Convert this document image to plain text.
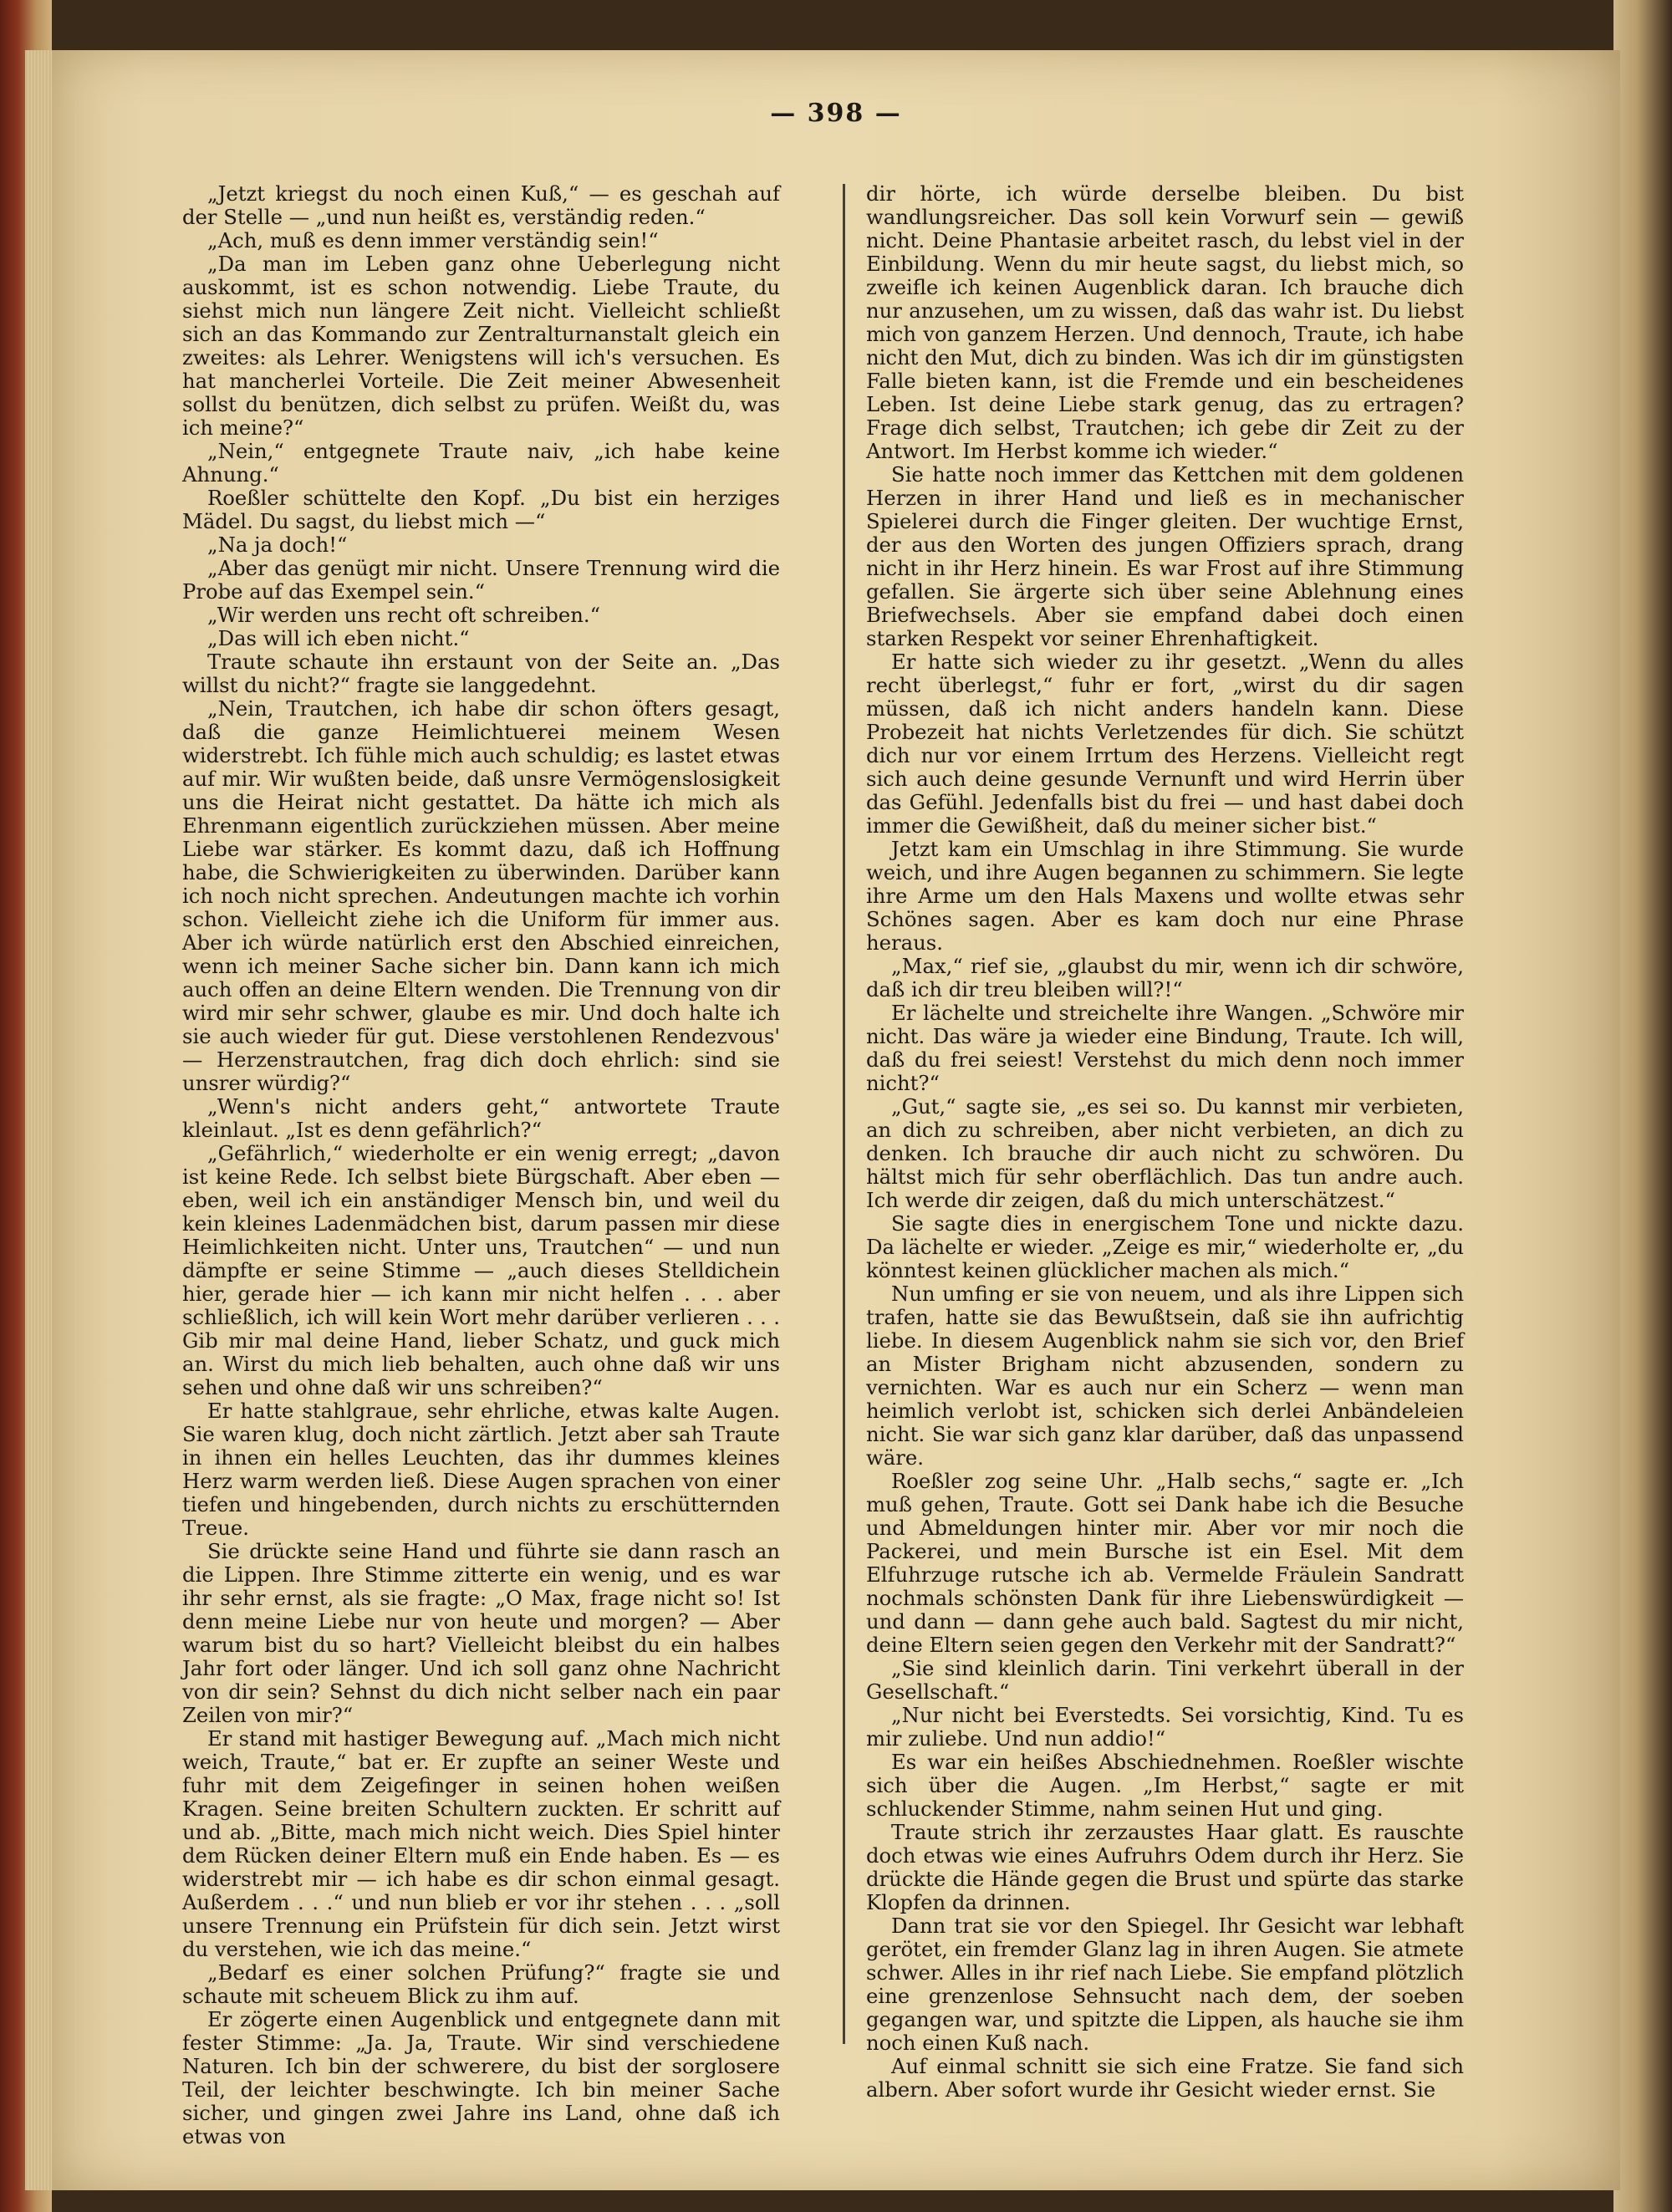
— 398 —

„Jetzt kriegst du noch einen Kuß,“ — es geschah auf der Stelle — „und nun heißt es, verständig reden.“

„Ach, muß es denn immer verständig sein!“

„Da man im Leben ganz ohne Ueberlegung nicht auskommt, ist es schon notwendig. Liebe Traute, du siehst mich nun längere Zeit nicht. Vielleicht schließt sich an das Kommando zur Zentralturnanstalt gleich ein zweites: als Lehrer. Wenigstens will ich's versuchen. Es hat mancherlei Vorteile. Die Zeit meiner Abwesenheit sollst du benützen, dich selbst zu prüfen. Weißt du, was ich meine?“

„Nein,“ entgegnete Traute naiv, „ich habe keine Ahnung.“

Roeßler schüttelte den Kopf. „Du bist ein herziges Mädel. Du sagst, du liebst mich —“

„Na ja doch!“

„Aber das genügt mir nicht. Unsere Trennung wird die Probe auf das Exempel sein.“

„Wir werden uns recht oft schreiben.“

„Das will ich eben nicht.“

Traute schaute ihn erstaunt von der Seite an. „Das willst du nicht?“ fragte sie langgedehnt.

„Nein, Trautchen, ich habe dir schon öfters gesagt, daß die ganze Heimlichtuerei meinem Wesen widerstrebt. Ich fühle mich auch schuldig; es lastet etwas auf mir. Wir wußten beide, daß unsre Vermögenslosigkeit uns die Heirat nicht gestattet. Da hätte ich mich als Ehrenmann eigentlich zurückziehen müssen. Aber meine Liebe war stärker. Es kommt dazu, daß ich Hoffnung habe, die Schwierigkeiten zu überwinden. Darüber kann ich noch nicht sprechen. Andeutungen machte ich vorhin schon. Vielleicht ziehe ich die Uniform für immer aus. Aber ich würde natürlich erst den Abschied einreichen, wenn ich meiner Sache sicher bin. Dann kann ich mich auch offen an deine Eltern wenden. Die Trennung von dir wird mir sehr schwer, glaube es mir. Und doch halte ich sie auch wieder für gut. Diese verstohlenen Rendezvous' — Herzenstrautchen, frag dich doch ehrlich: sind sie unsrer würdig?“

„Wenn's nicht anders geht,“ antwortete Traute kleinlaut. „Ist es denn gefährlich?“

„Gefährlich,“ wiederholte er ein wenig erregt; „davon ist keine Rede. Ich selbst biete Bürgschaft. Aber eben — eben, weil ich ein anständiger Mensch bin, und weil du kein kleines Ladenmädchen bist, darum passen mir diese Heimlichkeiten nicht. Unter uns, Trautchen“ — und nun dämpfte er seine Stimme — „auch dieses Stelldichein hier, gerade hier — ich kann mir nicht helfen . . . aber schließlich, ich will kein Wort mehr darüber verlieren . . . Gib mir mal deine Hand, lieber Schatz, und guck mich an. Wirst du mich lieb behalten, auch ohne daß wir uns sehen und ohne daß wir uns schreiben?“

Er hatte stahlgraue, sehr ehrliche, etwas kalte Augen. Sie waren klug, doch nicht zärtlich. Jetzt aber sah Traute in ihnen ein helles Leuchten, das ihr dummes kleines Herz warm werden ließ. Diese Augen sprachen von einer tiefen und hingebenden, durch nichts zu erschütternden Treue.

Sie drückte seine Hand und führte sie dann rasch an die Lippen. Ihre Stimme zitterte ein wenig, und es war ihr sehr ernst, als sie fragte: „O Max, frage nicht so! Ist denn meine Liebe nur von heute und morgen? — Aber warum bist du so hart? Vielleicht bleibst du ein halbes Jahr fort oder länger. Und ich soll ganz ohne Nachricht von dir sein? Sehnst du dich nicht selber nach ein paar Zeilen von mir?“

Er stand mit hastiger Bewegung auf. „Mach mich nicht weich, Traute,“ bat er. Er zupfte an seiner Weste und fuhr mit dem Zeigefinger in seinen hohen weißen Kragen. Seine breiten Schultern zuckten. Er schritt auf und ab. „Bitte, mach mich nicht weich. Dies Spiel hinter dem Rücken deiner Eltern muß ein Ende haben. Es — es widerstrebt mir — ich habe es dir schon einmal gesagt. Außerdem . . .“ und nun blieb er vor ihr stehen . . . „soll unsere Trennung ein Prüfstein für dich sein. Jetzt wirst du verstehen, wie ich das meine.“

„Bedarf es einer solchen Prüfung?“ fragte sie und schaute mit scheuem Blick zu ihm auf.

Er zögerte einen Augenblick und entgegnete dann mit fester Stimme: „Ja. Ja, Traute. Wir sind verschiedene Naturen. Ich bin der schwerere, du bist der sorglosere Teil, der leichter beschwingte. Ich bin meiner Sache sicher, und gingen zwei Jahre ins Land, ohne daß ich etwas von

dir hörte, ich würde derselbe bleiben. Du bist wandlungsreicher. Das soll kein Vorwurf sein — gewiß nicht. Deine Phantasie arbeitet rasch, du lebst viel in der Einbildung. Wenn du mir heute sagst, du liebst mich, so zweifle ich keinen Augenblick daran. Ich brauche dich nur anzusehen, um zu wissen, daß das wahr ist. Du liebst mich von ganzem Herzen. Und dennoch, Traute, ich habe nicht den Mut, dich zu binden. Was ich dir im günstigsten Falle bieten kann, ist die Fremde und ein bescheidenes Leben. Ist deine Liebe stark genug, das zu ertragen? Frage dich selbst, Trautchen; ich gebe dir Zeit zu der Antwort. Im Herbst komme ich wieder.“

Sie hatte noch immer das Kettchen mit dem goldenen Herzen in ihrer Hand und ließ es in mechanischer Spielerei durch die Finger gleiten. Der wuchtige Ernst, der aus den Worten des jungen Offiziers sprach, drang nicht in ihr Herz hinein. Es war Frost auf ihre Stimmung gefallen. Sie ärgerte sich über seine Ablehnung eines Briefwechsels. Aber sie empfand dabei doch einen starken Respekt vor seiner Ehrenhaftigkeit.

Er hatte sich wieder zu ihr gesetzt. „Wenn du alles recht überlegst,“ fuhr er fort, „wirst du dir sagen müssen, daß ich nicht anders handeln kann. Diese Probezeit hat nichts Verletzendes für dich. Sie schützt dich nur vor einem Irrtum des Herzens. Vielleicht regt sich auch deine gesunde Vernunft und wird Herrin über das Gefühl. Jedenfalls bist du frei — und hast dabei doch immer die Gewißheit, daß du meiner sicher bist.“

Jetzt kam ein Umschlag in ihre Stimmung. Sie wurde weich, und ihre Augen begannen zu schimmern. Sie legte ihre Arme um den Hals Maxens und wollte etwas sehr Schönes sagen. Aber es kam doch nur eine Phrase heraus.

„Max,“ rief sie, „glaubst du mir, wenn ich dir schwöre, daß ich dir treu bleiben will?!“

Er lächelte und streichelte ihre Wangen. „Schwöre mir nicht. Das wäre ja wieder eine Bindung, Traute. Ich will, daß du frei seiest! Verstehst du mich denn noch immer nicht?“

„Gut,“ sagte sie, „es sei so. Du kannst mir verbieten, an dich zu schreiben, aber nicht verbieten, an dich zu denken. Ich brauche dir auch nicht zu schwören. Du hältst mich für sehr oberflächlich. Das tun andre auch. Ich werde dir zeigen, daß du mich unterschätzest.“

Sie sagte dies in energischem Tone und nickte dazu. Da lächelte er wieder. „Zeige es mir,“ wiederholte er, „du könntest keinen glücklicher machen als mich.“

Nun umfing er sie von neuem, und als ihre Lippen sich trafen, hatte sie das Bewußtsein, daß sie ihn aufrichtig liebe. In diesem Augenblick nahm sie sich vor, den Brief an Mister Brigham nicht abzusenden, sondern zu vernichten. War es auch nur ein Scherz — wenn man heimlich verlobt ist, schicken sich derlei Anbändeleien nicht. Sie war sich ganz klar darüber, daß das unpassend wäre.

Roeßler zog seine Uhr. „Halb sechs,“ sagte er. „Ich muß gehen, Traute. Gott sei Dank habe ich die Besuche und Abmeldungen hinter mir. Aber vor mir noch die Packerei, und mein Bursche ist ein Esel. Mit dem Elfuhrzuge rutsche ich ab. Vermelde Fräulein Sandratt nochmals schönsten Dank für ihre Liebenswürdigkeit — und dann — dann gehe auch bald. Sagtest du mir nicht, deine Eltern seien gegen den Verkehr mit der Sandratt?“

„Sie sind kleinlich darin. Tini verkehrt überall in der Gesellschaft.“

„Nur nicht bei Everstedts. Sei vorsichtig, Kind. Tu es mir zuliebe. Und nun addio!“

Es war ein heißes Abschiednehmen. Roeßler wischte sich über die Augen. „Im Herbst,“ sagte er mit schluckender Stimme, nahm seinen Hut und ging.

Traute strich ihr zerzaustes Haar glatt. Es rauschte doch etwas wie eines Aufruhrs Odem durch ihr Herz. Sie drückte die Hände gegen die Brust und spürte das starke Klopfen da drinnen.

Dann trat sie vor den Spiegel. Ihr Gesicht war lebhaft gerötet, ein fremder Glanz lag in ihren Augen. Sie atmete schwer. Alles in ihr rief nach Liebe. Sie empfand plötzlich eine grenzenlose Sehnsucht nach dem, der soeben gegangen war, und spitzte die Lippen, als hauche sie ihm noch einen Kuß nach.

Auf einmal schnitt sie sich eine Fratze. Sie fand sich albern. Aber sofort wurde ihr Gesicht wieder ernst. Sie
